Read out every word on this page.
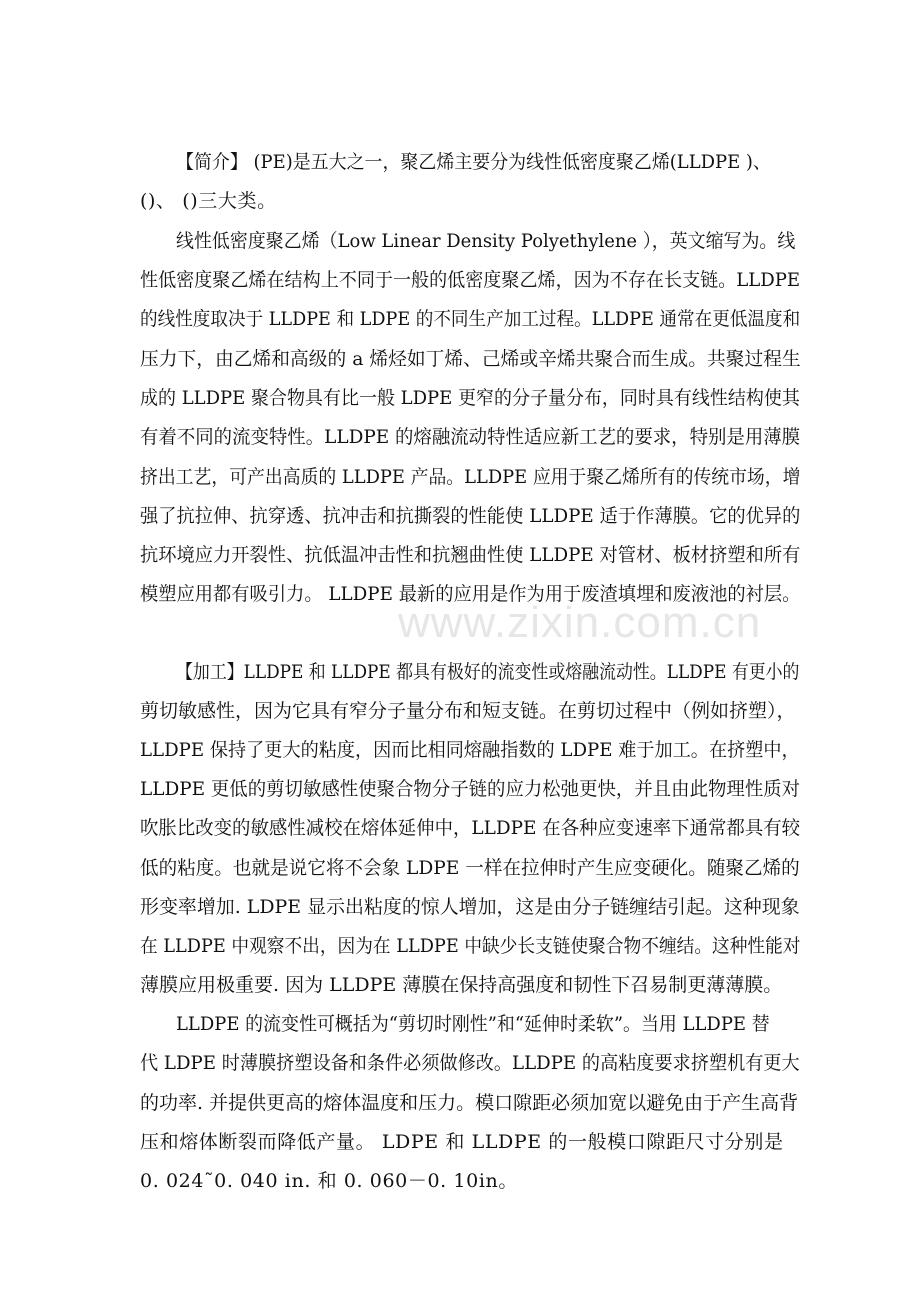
www.zixin.com.cn
【简介】 (PE)是五大之一，聚乙烯主要分为线性低密度聚乙烯(LLDPE )、
()、 ()三大类。
线性低密度聚乙烯（Low Linear Density Polyethylene ），英文缩写为。线
性低密度聚乙烯在结构上不同于一般的低密度聚乙烯，因为不存在长支链。LLDPE
的线性度取决于 LLDPE 和 LDPE 的不同生产加工过程。LLDPE 通常在更低温度和
压力下，由乙烯和高级的 a 烯烃如丁烯、己烯或辛烯共聚合而生成。共聚过程生
成的 LLDPE 聚合物具有比一般 LDPE 更窄的分子量分布，同时具有线性结构使其
有着不同的流变特性。LLDPE 的熔融流动特性适应新工艺的要求，特别是用薄膜
挤出工艺，可产出高质的 LLDPE 产品。LLDPE 应用于聚乙烯所有的传统市场，增
强了抗拉伸、抗穿透、抗冲击和抗撕裂的性能使 LLDPE 适于作薄膜。它的优异的
抗环境应力开裂性、抗低温冲击性和抗翘曲性使 LLDPE 对管材、板材挤塑和所有
模塑应用都有吸引力。 LLDPE 最新的应用是作为用于废渣填埋和废液池的衬层。
【加工】LLDPE 和 LLDPE 都具有极好的流变性或熔融流动性。LLDPE 有更小的
剪切敏感性，因为它具有窄分子量分布和短支链。在剪切过程中（例如挤塑），
LLDPE 保持了更大的粘度，因而比相同熔融指数的 LDPE 难于加工。在挤塑中，
LLDPE 更低的剪切敏感性使聚合物分子链的应力松弛更快，并且由此物理性质对
吹胀比改变的敏感性减校在熔体延伸中，LLDPE 在各种应变速率下通常都具有较
低的粘度。也就是说它将不会象 LDPE 一样在拉伸时产生应变硬化。随聚乙烯的
形变率增加. LDPE 显示出粘度的惊人增加，这是由分子链缠结引起。这种现象
在 LLDPE 中观察不出，因为在 LLDPE 中缺少长支链使聚合物不缠结。这种性能对
薄膜应用极重要. 因为 LLDPE 薄膜在保持高强度和韧性下召易制更薄薄膜。
LLDPE 的流变性可概括为“剪切时刚性”和“延伸时柔软”。当用 LLDPE 替
代 LDPE 时薄膜挤塑设备和条件必须做修改。LLDPE 的高粘度要求挤塑机有更大
的功率. 并提供更高的熔体温度和压力。模口隙距必须加宽以避免由于产生高背
压和熔体断裂而降低产量。 LDPE 和 LLDPE 的一般模口隙距尺寸分别是
0. 024˜0. 040 in. 和 0. 060－0. 10in。
